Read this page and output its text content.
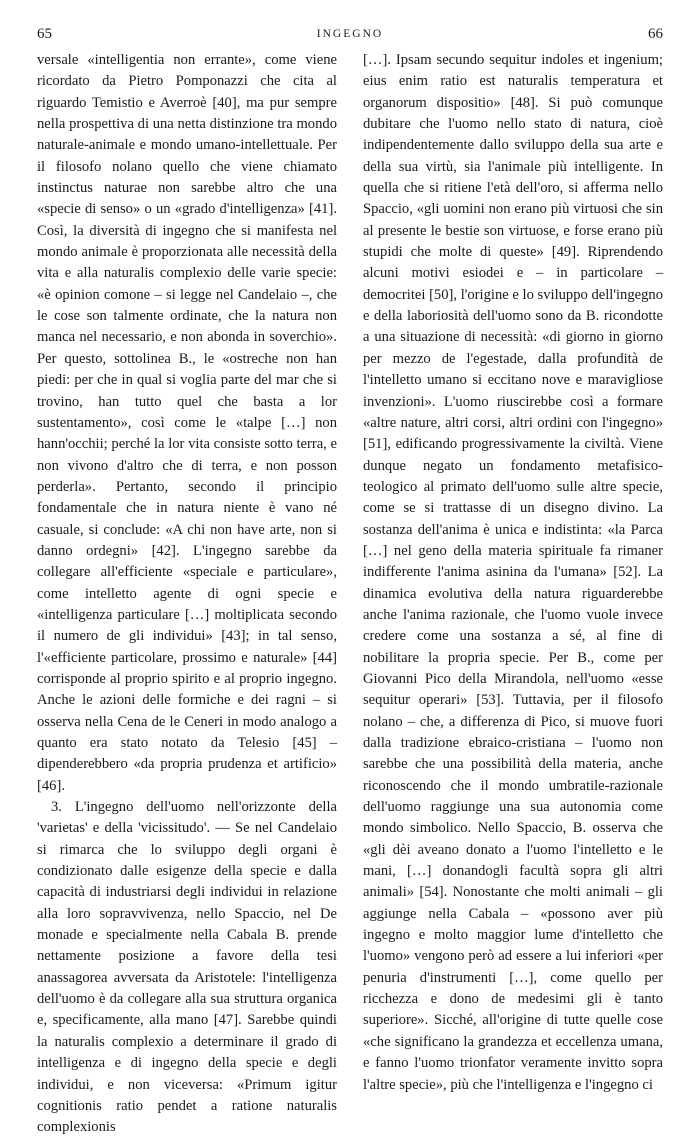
65	INGEGNO	66

versale «intelligentia non errante», come viene ricordato da Pietro Pomponazzi che cita al riguardo Temistio e Averroè [40], ma pur sempre nella prospettiva di una netta distinzione tra mondo naturale-animale e mondo umano-intellettuale. Per il filosofo nolano quello che viene chiamato instinctus naturae non sarebbe altro che una «specie di senso» o un «grado d'intelligenza» [41]. Così, la diversità di ingegno che si manifesta nel mondo animale è proporzionata alle necessità della vita e alla naturalis complexio delle varie specie: «è opinion comone – si legge nel Candelaio –, che le cose son talmente ordinate, che la natura non manca nel necessario, e non abonda in soverchio». Per questo, sottolinea B., le «ostreche non han piedi: per che in qual si voglia parte del mar che si trovino, han tutto quel che basta a lor sustentamento», così come le «talpe […] non hann'occhii; perché la lor vita consiste sotto terra, e non vivono d'altro che di terra, e non posson perderla». Pertanto, secondo il principio fondamentale che in natura niente è vano né casuale, si conclude: «A chi non have arte, non si danno ordegni» [42]. L'ingegno sarebbe da collegare all'efficiente «speciale e particulare», come intelletto agente di ogni specie e «intelligenza particulare […] moltiplicata secondo il numero de gli individui» [43]; in tal senso, l'«efficiente particolare, prossimo e naturale» [44] corrisponde al proprio spirito e al proprio ingegno. Anche le azioni delle formiche e dei ragni – si osserva nella Cena de le Ceneri in modo analogo a quanto era stato notato da Telesio [45] – dipenderebbero «da propria prudenza et artificio» [46].

3. L'ingegno dell'uomo nell'orizzonte della 'varietas' e della 'vicissitudo'. — Se nel Candelaio si rimarca che lo sviluppo degli organi è condizionato dalle esigenze della specie e dalla capacità di industriarsi degli individui in relazione alla loro sopravvivenza, nello Spaccio, nel De monade e specialmente nella Cabala B. prende nettamente posizione a favore della tesi anassagorea avversata da Aristotele: l'intelligenza dell'uomo è da collegare alla sua struttura organica e, specificamente, alla mano [47]. Sarebbe quindi la naturalis complexio a determinare il grado di intelligenza e di ingegno della specie e degli individui, e non viceversa: «Primum igitur cognitionis ratio pendet a ratione naturalis complexionis

[…]. Ipsam secundo sequitur indoles et ingenium; eius enim ratio est naturalis temperatura et organorum dispositio» [48]. Si può comunque dubitare che l'uomo nello stato di natura, cioè indipendentemente dallo sviluppo della sua arte e della sua virtù, sia l'animale più intelligente. In quella che si ritiene l'età dell'oro, si afferma nello Spaccio, «gli uomini non erano più virtuosi che sin al presente le bestie son virtuose, e forse erano più stupidi che molte di queste» [49]. Riprendendo alcuni motivi esiodei e – in particolare – democritei [50], l'origine e lo sviluppo dell'ingegno e della laboriosità dell'uomo sono da B. ricondotte a una situazione di necessità: «di giorno in giorno per mezzo de l'egestade, dalla profundità de l'intelletto umano si eccitano nove e maravigliose invenzioni». L'uomo riuscirebbe così a formare «altre nature, altri corsi, altri ordini con l'ingegno» [51], edificando progressivamente la civiltà. Viene dunque negato un fondamento metafisico-teologico al primato dell'uomo sulle altre specie, come se si trattasse di un disegno divino. La sostanza dell'anima è unica e indistinta: «la Parca […] nel geno della materia spirituale fa rimaner indifferente l'anima asinina da l'umana» [52]. La dinamica evolutiva della natura riguarderebbe anche l'anima razionale, che l'uomo vuole invece credere come una sostanza a sé, al fine di nobilitare la propria specie. Per B., come per Giovanni Pico della Mirandola, nell'uomo «esse sequitur operari» [53]. Tuttavia, per il filosofo nolano – che, a differenza di Pico, si muove fuori dalla tradizione ebraico-cristiana – l'uomo non sarebbe che una possibilità della materia, anche riconoscendo che il mondo umbratile-razionale dell'uomo raggiunge una sua autonomia come mondo simbolico. Nello Spaccio, B. osserva che «gli dèi aveano donato a l'uomo l'intelletto e le mani, […] donandogli facultà sopra gli altri animali» [54]. Nonostante che molti animali – gli aggiunge nella Cabala – «possono aver più ingegno e molto maggior lume d'intelletto che l'uomo» vengono però ad essere a lui inferiori «per penuria d'instrumenti […], come quello per ricchezza e dono de medesimi gli è tanto superiore». Sicché, all'origine di tutte quelle cose «che significano la grandezza et eccellenza umana, e fanno l'uomo trionfator veramente invitto sopra l'altre specie», più che l'intelligenza e l'ingegno ci
